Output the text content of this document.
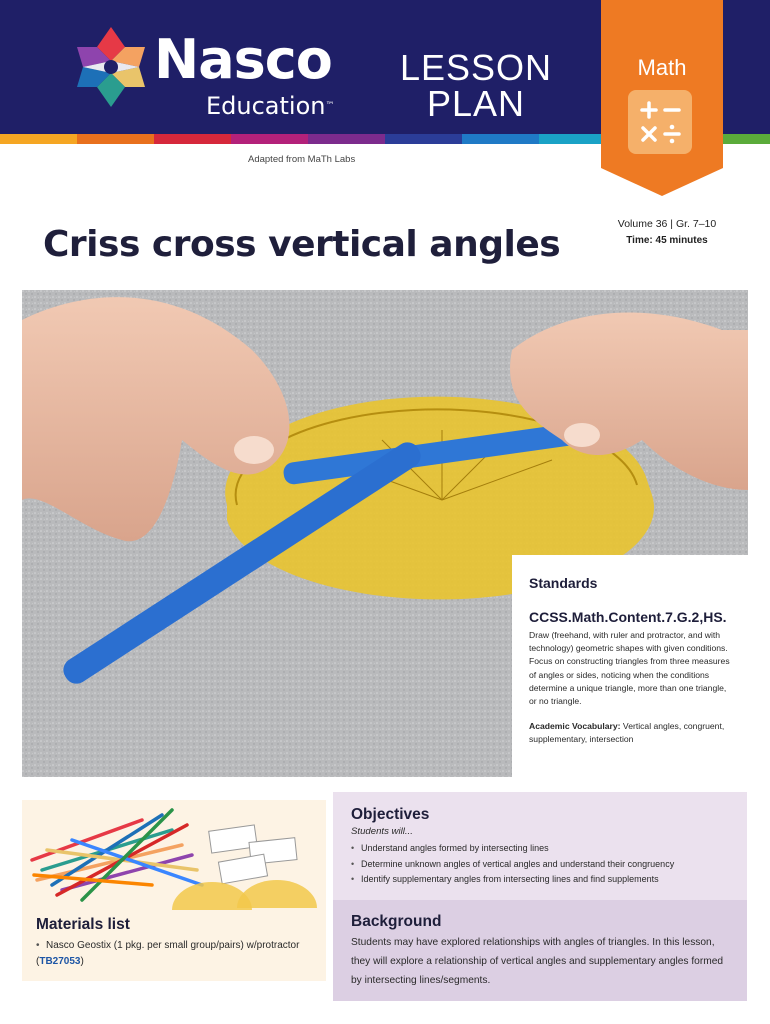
Nasco
Education™
LESSON
PLAN
Math
Adapted from MaTh Labs
Criss cross vertical angles	Volume 36 | Gr. 7–10
Time: 45 minutes
Standards
CCSS.Math.Content.7.G.2,HS.

Draw (freehand, with ruler and protractor, and with technology) geometric shapes with given conditions. Focus on constructing triangles from three measures of angles or sides, noticing when the conditions determine a unique triangle, more than one triangle, or no triangle.

Academic Vocabulary: Vertical angles, congruent, supplementary, intersection

Materials list
• Nasco Geostix (1 pkg. per small group/pairs) w/protractor (TB27053)
Objectives
Students will...
• Understand angles formed by intersecting lines
• Determine unknown angles of vertical angles and understand their congruency
• Identify supplementary angles from intersecting lines and find supplements
Background

Students may have explored relationships with angles of triangles. In this lesson, they will explore a relationship of vertical angles and supplementary angles formed by intersecting lines/segments.
